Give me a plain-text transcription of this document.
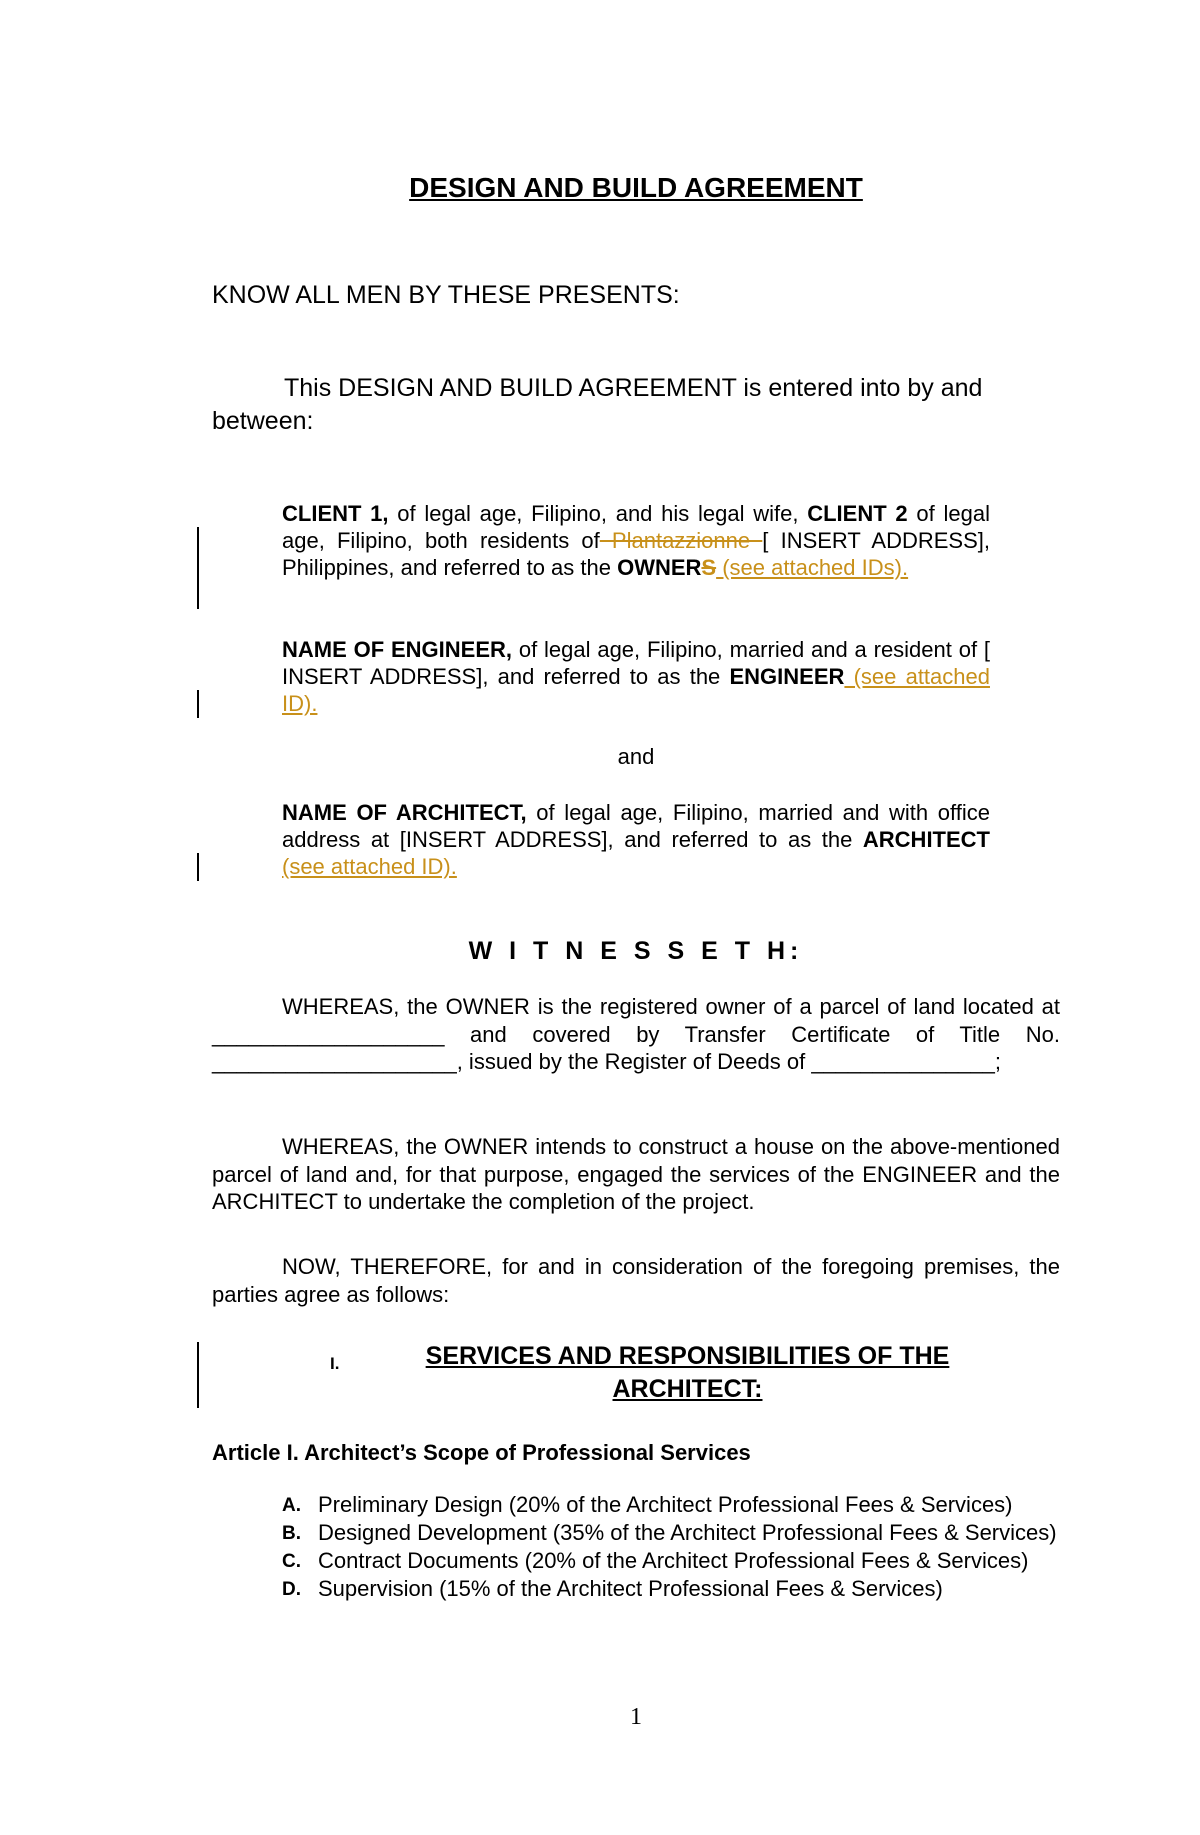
DESIGN AND BUILD AGREEMENT
KNOW ALL MEN BY THESE PRESENTS:
This DESIGN AND BUILD AGREEMENT is entered into by and between:
CLIENT 1, of legal age, Filipino, and his legal wife, CLIENT 2 of legal age, Filipino, both residents of Plantazzionne [ INSERT ADDRESS], Philippines, and referred to as the OWNERS (see attached IDs).
NAME OF ENGINEER, of legal age, Filipino, married and a resident of [ INSERT ADDRESS], and referred to as the ENGINEER (see attached ID).
and
NAME OF ARCHITECT, of legal age, Filipino, married and with office address at [INSERT ADDRESS], and referred to as the ARCHITECT (see attached ID).
W I T N E S S E T H:
WHEREAS, the OWNER is the registered owner of a parcel of land located at ___________________ and covered by Transfer Certificate of Title No. ____________________, issued by the Register of Deeds of _______________;
WHEREAS, the OWNER intends to construct a house on the above-mentioned parcel of land and, for that purpose, engaged the services of the ENGINEER and the ARCHITECT to undertake the completion of the project.
NOW, THEREFORE, for and in consideration of the foregoing premises, the parties agree as follows:
I.	SERVICES AND RESPONSIBILITIES OF THE ARCHITECT:
Article I. Architect’s Scope of Professional Services
A. Preliminary Design (20% of the Architect Professional Fees & Services)
B. Designed Development (35% of the Architect Professional Fees & Services)
C. Contract Documents (20% of the Architect Professional Fees & Services)
D. Supervision (15% of the Architect Professional Fees & Services)
1
